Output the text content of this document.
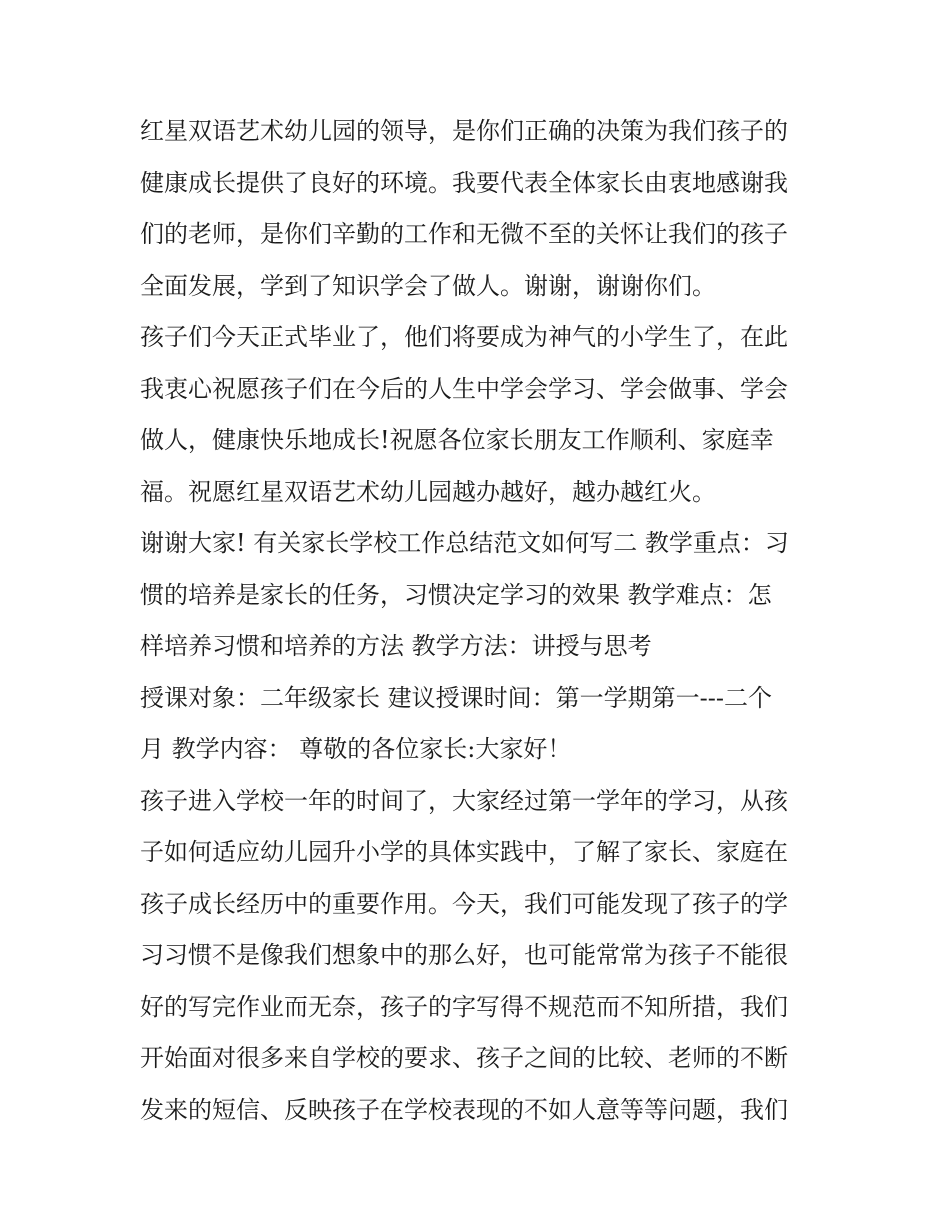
红星双语艺术幼儿园的领导，是你们正确的决策为我们孩子的
健康成长提供了良好的环境。我要代表全体家长由衷地感谢我
们的老师，是你们辛勤的工作和无微不至的关怀让我们的孩子
全面发展，学到了知识学会了做人。谢谢，谢谢你们。
孩子们今天正式毕业了，他们将要成为神气的小学生了，在此
我衷心祝愿孩子们在今后的人生中学会学习、学会做事、学会
做人，健康快乐地成长!祝愿各位家长朋友工作顺利、家庭幸
福。祝愿红星双语艺术幼儿园越办越好，越办越红火。
谢谢大家! 有关家长学校工作总结范文如何写二 教学重点：习
惯的培养是家长的任务，习惯决定学习的效果 教学难点：怎
样培养习惯和培养的方法 教学方法：讲授与思考
授课对象：二年级家长 建议授课时间：第一学期第一---二个
月 教学内容： 尊敬的各位家长:大家好！
孩子进入学校一年的时间了，大家经过第一学年的学习，从孩
子如何适应幼儿园升小学的具体实践中，了解了家长、家庭在
孩子成长经历中的重要作用。今天，我们可能发现了孩子的学
习习惯不是像我们想象中的那么好，也可能常常为孩子不能很
好的写完作业而无奈，孩子的字写得不规范而不知所措，我们
开始面对很多来自学校的要求、孩子之间的比较、老师的不断
发来的短信、反映孩子在学校表现的不如人意等等问题，我们
